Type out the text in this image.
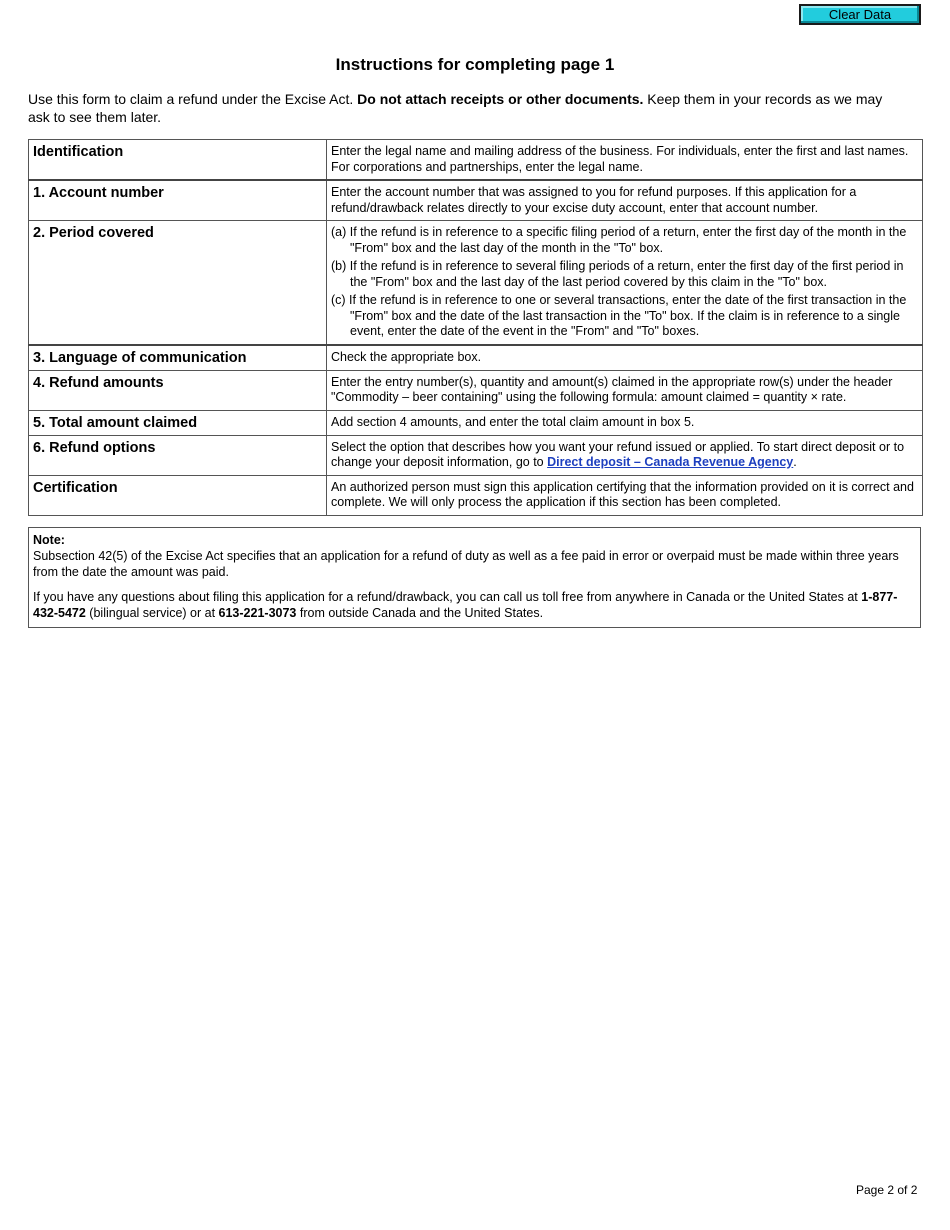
Clear Data
Instructions for completing page 1
Use this form to claim a refund under the Excise Act. Do not attach receipts or other documents. Keep them in your records as we may ask to see them later.
Identification	Enter the legal name and mailing address of the business. For individuals, enter the first and last names. For corporations and partnerships, enter the legal name.
1. Account number	Enter the account number that was assigned to you for refund purposes. If this application for a refund/drawback relates directly to your excise duty account, enter that account number.
2. Period covered	(a) If the refund is in reference to a specific filing period of a return, enter the first day of the month in the "From" box and the last day of the month in the "To" box.
(b) If the refund is in reference to several filing periods of a return, enter the first day of the first period in the "From" box and the last day of the last period covered by this claim in the "To" box.
(c) If the refund is in reference to one or several transactions, enter the date of the first transaction in the "From" box and the date of the last transaction in the "To" box. If the claim is in reference to a single event, enter the date of the event in the "From" and "To" boxes.

3. Language of communication	Check the appropriate box.
4. Refund amounts	Enter the entry number(s), quantity and amount(s) claimed in the appropriate row(s) under the header "Commodity – beer containing" using the following formula: amount claimed = quantity × rate.
5. Total amount claimed	Add section 4 amounts, and enter the total claim amount in box 5.
6. Refund options	Select the option that describes how you want your refund issued or applied. To start direct deposit or to change your deposit information, go to Direct deposit – Canada Revenue Agency.
Certification	An authorized person must sign this application certifying that the information provided on it is correct and complete. We will only process the application if this section has been completed.
Note:

Subsection 42(5) of the Excise Act specifies that an application for a refund of duty as well as a fee paid in error or overpaid must be made within three years from the date the amount was paid.

If you have any questions about filing this application for a refund/drawback, you can call us toll free from anywhere in Canada or the United States at 1-877-432-5472 (bilingual service) or at 613-221-3073 from outside Canada and the United States.

Page 2 of 2
